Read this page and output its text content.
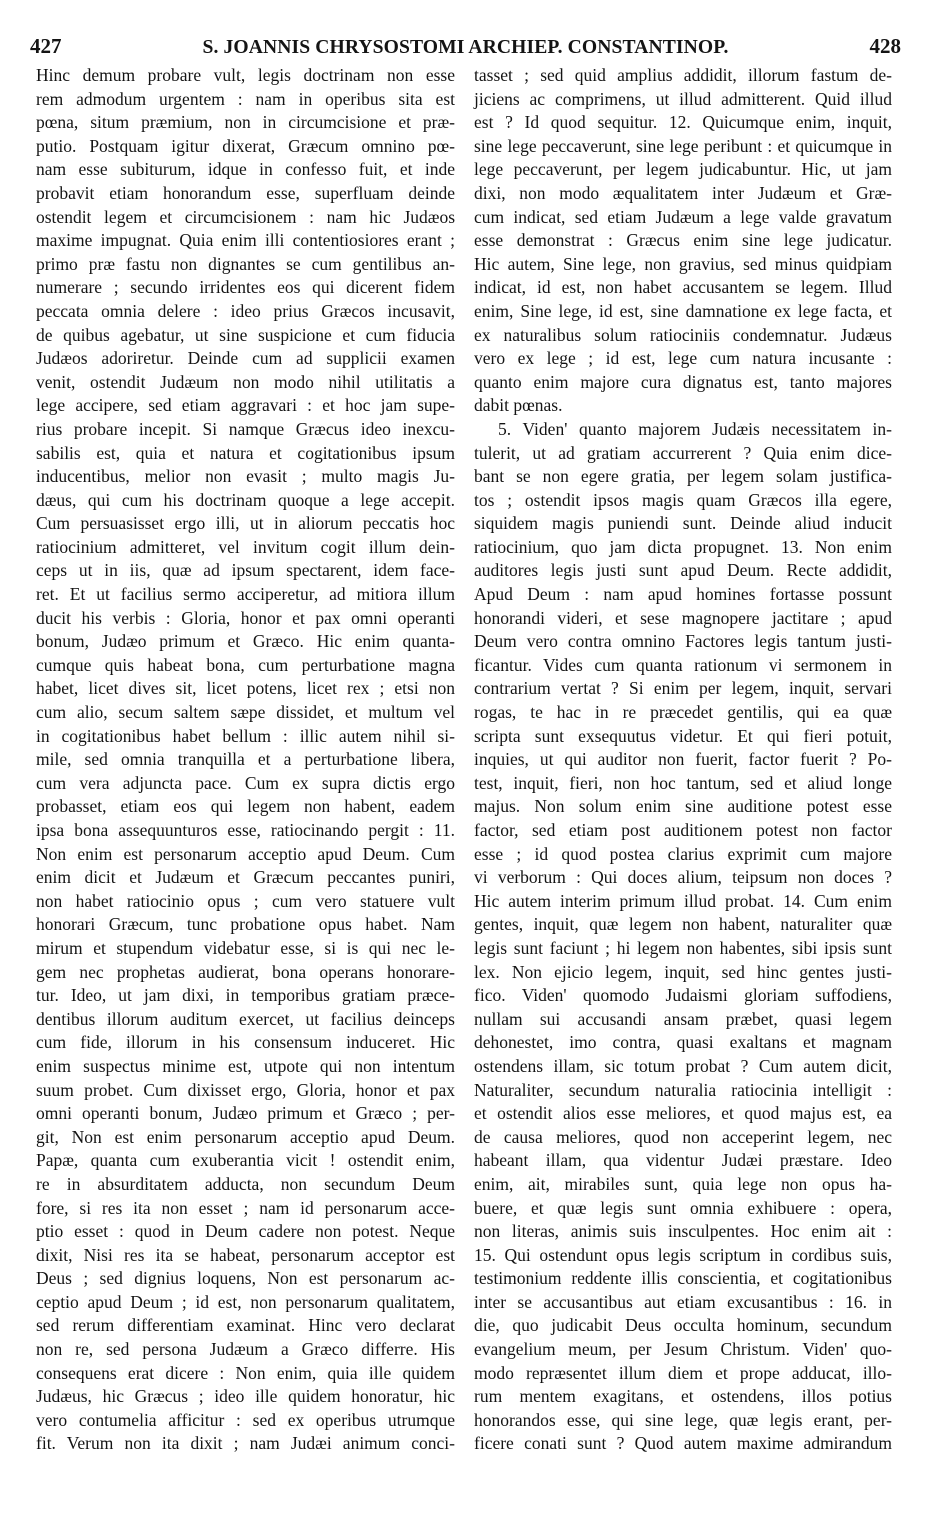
427	S. JOANNIS CHRYSOSTOMI ARCHIEP. CONSTANTINOP.	428
Hinc demum probare vult, legis doctrinam non esse
rem admodum urgentem : nam in operibus sita est
pœna, situm præmium, non in circumcisione et præ-
putio. Postquam igitur dixerat, Græcum omnino pœ-
nam esse subiturum, idque in confesso fuit, et inde
probavit etiam honorandum esse, superfluam deinde
ostendit legem et circumcisionem : nam hic Judæos
maxime impugnat. Quia enim illi contentiosiores erant ;
primo præ fastu non dignantes se cum gentilibus an-
numerare ; secundo irridentes eos qui dicerent fidem
peccata omnia delere : ideo prius Græcos incusavit,
de quibus agebatur, ut sine suspicione et cum fiducia
Judæos adoriretur. Deinde cum ad supplicii examen
venit, ostendit Judæum non modo nihil utilitatis a
lege accipere, sed etiam aggravari : et hoc jam supe-
rius probare incepit. Si namque Græcus ideo inexcu-
sabilis est, quia et natura et cogitationibus ipsum
inducentibus, melior non evasit ; multo magis Ju-
dæus, qui cum his doctrinam quoque a lege accepit.
Cum persuasisset ergo illi, ut in aliorum peccatis hoc
ratiocinium admitteret, vel invitum cogit illum dein-
ceps ut in iis, quæ ad ipsum spectarent, idem face-
ret. Et ut facilius sermo acciperetur, ad mitiora illum
ducit his verbis : Gloria, honor et pax omni operanti
bonum, Judæo primum et Græco. Hic enim quanta-
cumque quis habeat bona, cum perturbatione magna
habet, licet dives sit, licet potens, licet rex ; etsi non
cum alio, secum saltem sæpe dissidet, et multum vel
in cogitationibus habet bellum : illic autem nihil si-
mile, sed omnia tranquilla et a perturbatione libera,
cum vera adjuncta pace. Cum ex supra dictis ergo
probasset, etiam eos qui legem non habent, eadem
ipsa bona assequunturos esse, ratiocinando pergit : 11.
Non enim est personarum acceptio apud Deum. Cum
enim dicit et Judæum et Græcum peccantes puniri,
non habet ratiocinio opus ; cum vero statuere vult
honorari Græcum, tunc probatione opus habet. Nam
mirum et stupendum videbatur esse, si is qui nec le-
gem nec prophetas audierat, bona operans honorare-
tur. Ideo, ut jam dixi, in temporibus gratiam præce-
dentibus illorum auditum exercet, ut facilius deinceps
cum fide, illorum in his consensum induceret. Hic
enim suspectus minime est, utpote qui non intentum
suum probet. Cum dixisset ergo, Gloria, honor et pax
omni operanti bonum, Judæo primum et Græco ; per-
git, Non est enim personarum acceptio apud Deum.
Papæ, quanta cum exuberantia vicit ! ostendit enim,
re in absurditatem adducta, non secundum Deum
fore, si res ita non esset ; nam id personarum acce-
ptio esset : quod in Deum cadere non potest. Neque
dixit, Nisi res ita se habeat, personarum acceptor est
Deus ; sed dignius loquens, Non est personarum ac-
ceptio apud Deum ; id est, non personarum qualitatem,
sed rerum differentiam examinat. Hinc vero declarat
non re, sed persona Judæum a Græco differre. His
consequens erat dicere : Non enim, quia ille quidem
Judæus, hic Græcus ; ideo ille quidem honoratur, hic
vero contumelia afficitur : sed ex operibus utrumque
fit. Verum non ita dixit ; nam Judæi animum conci-
tasset ; sed quid amplius addidit, illorum fastum de-
jiciens ac comprimens, ut illud admitterent. Quid illud
est ? Id quod sequitur. 12. Quicumque enim, inquit,
sine lege peccaverunt, sine lege peribunt : et quicumque in
lege peccaverunt, per legem judicabuntur. Hic, ut jam
dixi, non modo æqualitatem inter Judæum et Græ-
cum indicat, sed etiam Judæum a lege valde gravatum
esse demonstrat : Græcus enim sine lege judicatur.
Hic autem, Sine lege, non gravius, sed minus quidpiam
indicat, id est, non habet accusantem se legem. Illud
enim, Sine lege, id est, sine damnatione ex lege facta, et
ex naturalibus solum ratiociniis condemnatur. Judæus
vero ex lege ; id est, lege cum natura incusante :
quanto enim majore cura dignatus est, tanto majores
dabit pœnas.
5. Viden' quanto majorem Judæis necessitatem in-
tulerit, ut ad gratiam accurrerent ? Quia enim dice-
bant se non egere gratia, per legem solam justifica-
tos ; ostendit ipsos magis quam Græcos illa egere,
siquidem magis puniendi sunt. Deinde aliud inducit
ratiocinium, quo jam dicta propugnet. 13. Non enim
auditores legis justi sunt apud Deum. Recte addidit,
Apud Deum : nam apud homines fortasse possunt
honorandi videri, et sese magnopere jactitare ; apud
Deum vero contra omnino Factores legis tantum justi-
ficantur. Vides cum quanta rationum vi sermonem in
contrarium vertat ? Si enim per legem, inquit, servari
rogas, te hac in re præcedet gentilis, qui ea quæ
scripta sunt exsequutus videtur. Et qui fieri potuit,
inquies, ut qui auditor non fuerit, factor fuerit ? Po-
test, inquit, fieri, non hoc tantum, sed et aliud longe
majus. Non solum enim sine auditione potest esse
factor, sed etiam post auditionem potest non factor
esse ; id quod postea clarius exprimit cum majore
vi verborum : Qui doces alium, teipsum non doces ?
Hic autem interim primum illud probat. 14. Cum enim
gentes, inquit, quæ legem non habent, naturaliter quæ
legis sunt faciunt ; hi legem non habentes, sibi ipsis sunt
lex. Non ejicio legem, inquit, sed hinc gentes justi-
fico. Viden' quomodo Judaismi gloriam suffodiens,
nullam sui accusandi ansam præbet, quasi legem
dehonestet, imo contra, quasi exaltans et magnam
ostendens illam, sic totum probat ? Cum autem dicit,
Naturaliter, secundum naturalia ratiocinia intelligit :
et ostendit alios esse meliores, et quod majus est, ea
de causa meliores, quod non acceperint legem, nec
habeant illam, qua videntur Judæi præstare. Ideo
enim, ait, mirabiles sunt, quia lege non opus ha-
buere, et quæ legis sunt omnia exhibuere : opera,
non literas, animis suis insculpentes. Hoc enim ait :
15. Qui ostendunt opus legis scriptum in cordibus suis,
testimonium reddente illis conscientia, et cogitationibus
inter se accusantibus aut etiam excusantibus : 16. in
die, quo judicabit Deus occulta hominum, secundum
evangelium meum, per Jesum Christum. Viden' quo-
modo repræsentet illum diem et prope adducat, illo-
rum mentem exagitans, et ostendens, illos potius
honorandos esse, qui sine lege, quæ legis erant, per-
ficere conati sunt ? Quod autem maxime admirandum
